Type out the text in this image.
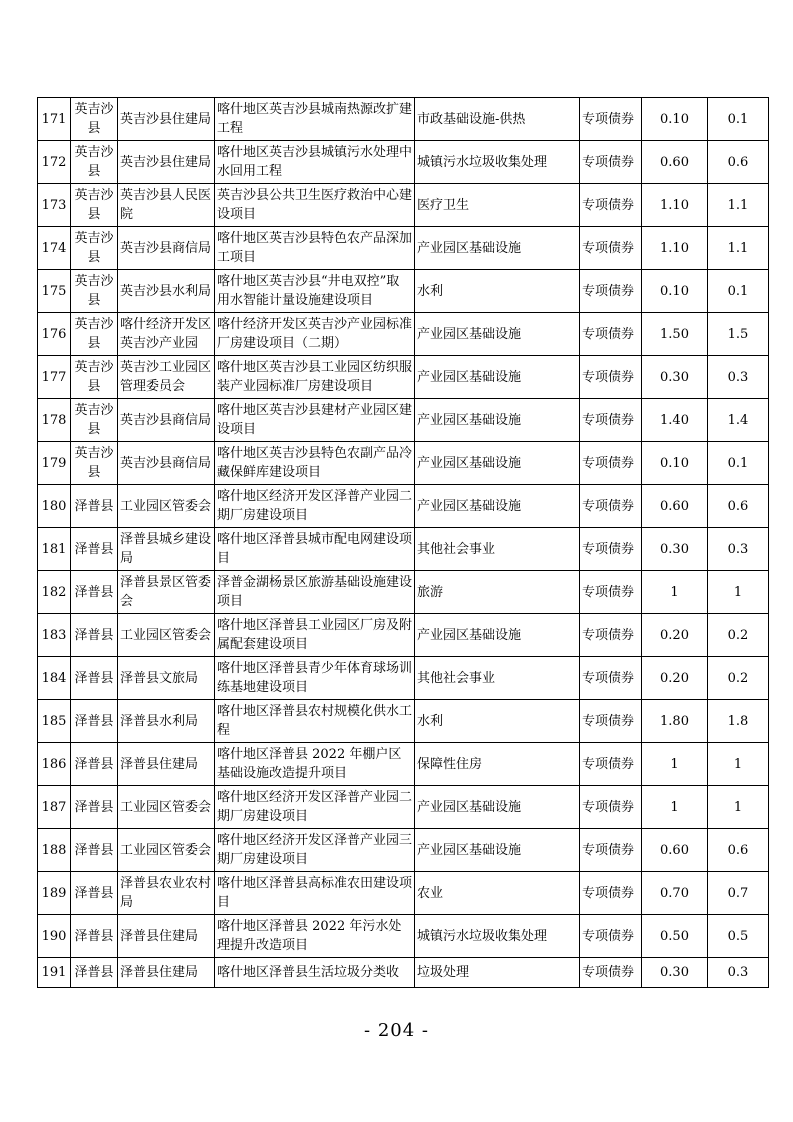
171	英吉沙县	英吉沙县住建局	喀什地区英吉沙县城南热源改扩建工程	市政基础设施-供热	专项债券	0.10	0.1
172	英吉沙县	英吉沙县住建局	喀什地区英吉沙县城镇污水处理中水回用工程	城镇污水垃圾收集处理	专项债券	0.60	0.6
173	英吉沙县	英吉沙县人民医院	英吉沙县公共卫生医疗救治中心建设项目	医疗卫生	专项债券	1.10	1.1
174	英吉沙县	英吉沙县商信局	喀什地区英吉沙县特色农产品深加工项目	产业园区基础设施	专项债券	1.10	1.1
175	英吉沙县	英吉沙县水利局	喀什地区英吉沙县“井电双控”取用水智能计量设施建设项目	水利	专项债券	0.10	0.1
176	英吉沙县	喀什经济开发区英吉沙产业园	喀什经济开发区英吉沙产业园标准厂房建设项目（二期）	产业园区基础设施	专项债券	1.50	1.5
177	英吉沙县	英吉沙工业园区管理委员会	喀什地区英吉沙县工业园区纺织服装产业园标准厂房建设项目	产业园区基础设施	专项债券	0.30	0.3
178	英吉沙县	英吉沙县商信局	喀什地区英吉沙县建材产业园区建设项目	产业园区基础设施	专项债券	1.40	1.4
179	英吉沙县	英吉沙县商信局	喀什地区英吉沙县特色农副产品冷藏保鲜库建设项目	产业园区基础设施	专项债券	0.10	0.1
180	泽普县	工业园区管委会	喀什地区经济开发区泽普产业园二期厂房建设项目	产业园区基础设施	专项债券	0.60	0.6
181	泽普县	泽普县城乡建设局	喀什地区泽普县城市配电网建设项目	其他社会事业	专项债券	0.30	0.3
182	泽普县	泽普县景区管委会	泽普金湖杨景区旅游基础设施建设项目	旅游	专项债券	1	1
183	泽普县	工业园区管委会	喀什地区泽普县工业园区厂房及附属配套建设项目	产业园区基础设施	专项债券	0.20	0.2
184	泽普县	泽普县文旅局	喀什地区泽普县青少年体育球场训练基地建设项目	其他社会事业	专项债券	0.20	0.2
185	泽普县	泽普县水利局	喀什地区泽普县农村规模化供水工程	水利	专项债券	1.80	1.8
186	泽普县	泽普县住建局	喀什地区泽普县 2022 年棚户区基础设施改造提升项目	保障性住房	专项债券	1	1
187	泽普县	工业园区管委会	喀什地区经济开发区泽普产业园二期厂房建设项目	产业园区基础设施	专项债券	1	1
188	泽普县	工业园区管委会	喀什地区经济开发区泽普产业园三期厂房建设项目	产业园区基础设施	专项债券	0.60	0.6
189	泽普县	泽普县农业农村局	喀什地区泽普县高标准农田建设项目	农业	专项债券	0.70	0.7
190	泽普县	泽普县住建局	喀什地区泽普县 2022 年污水处理提升改造项目	城镇污水垃圾收集处理	专项债券	0.50	0.5
191	泽普县	泽普县住建局	喀什地区泽普县生活垃圾分类收	垃圾处理	专项债券	0.30	0.3
- 204 -
